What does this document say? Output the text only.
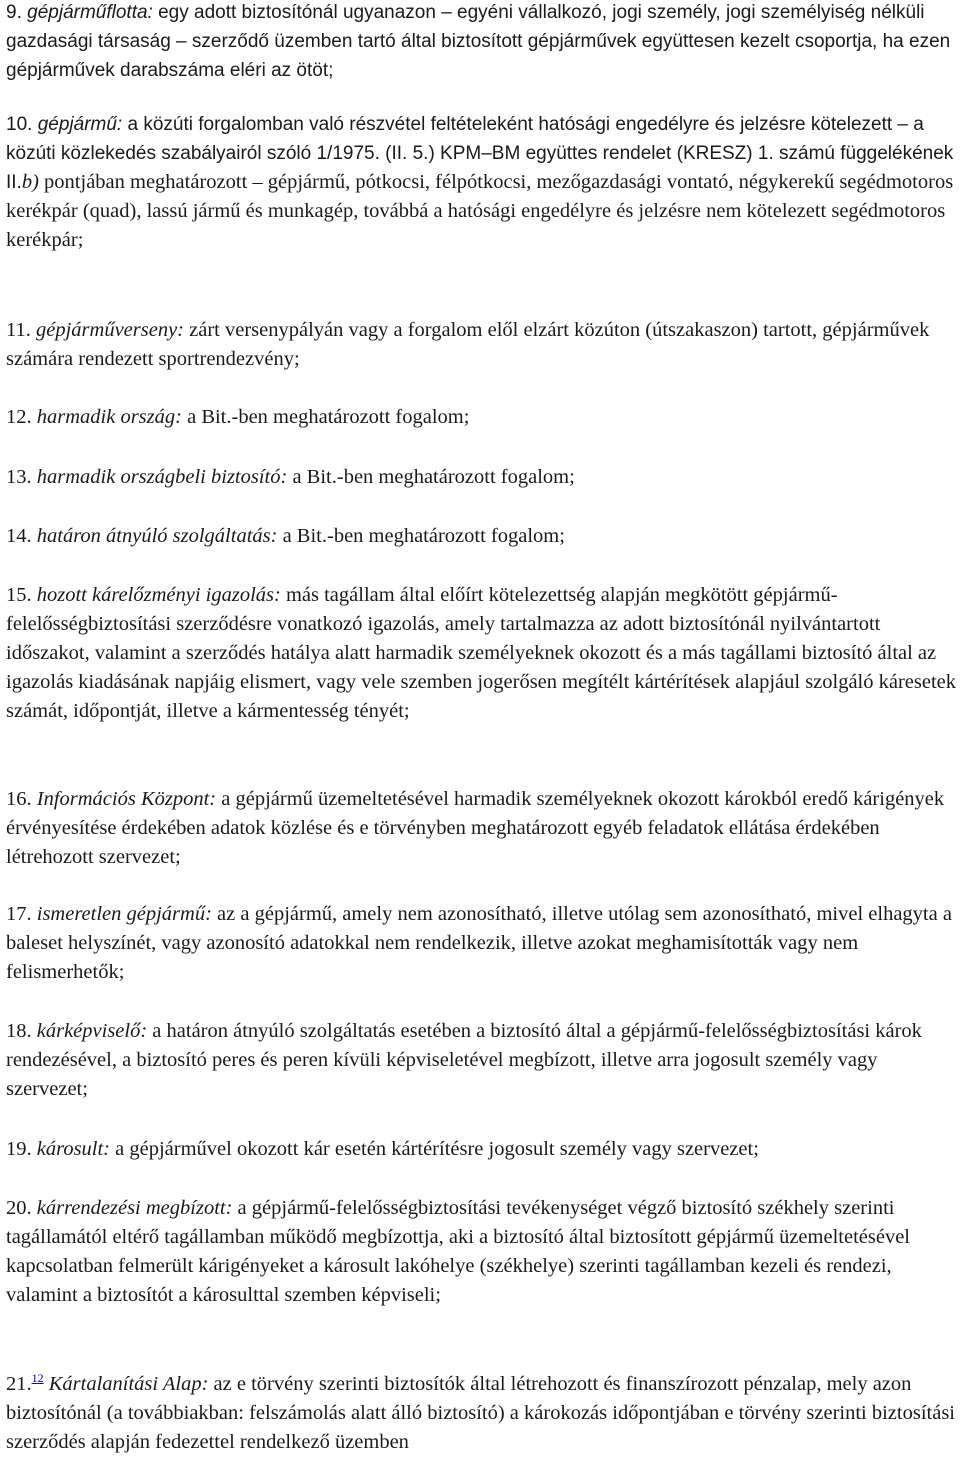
9. gépjárműflotta: egy adott biztosítónál ugyanazon – egyéni vállalkozó, jogi személy, jogi személyiség nélküli gazdasági társaság – szerződő üzemben tartó által biztosított gépjárművek együttesen kezelt csoportja, ha ezen gépjárművek darabszáma eléri az ötöt;

10. gépjármű: a közúti forgalomban való részvétel feltételeként hatósági engedélyre és jelzésre kötelezett – a közúti közlekedés szabályairól szóló 1/1975. (II. 5.) KPM–BM együttes rendelet (KRESZ) 1. számú függelékének II.b) pontjában meghatározott – gépjármű, pótkocsi, félpótkocsi, mezőgazdasági vontató, négykerekű segédmotoros kerékpár (quad), lassú jármű és munkagép, továbbá a hatósági engedélyre és jelzésre nem kötelezett segédmotoros kerékpár;

11. gépjárműverseny: zárt versenypályán vagy a forgalom elől elzárt közúton (útszakaszon) tartott, gépjárművek számára rendezett sportrendezvény;

12. harmadik ország: a Bit.-ben meghatározott fogalom;

13. harmadik országbeli biztosító: a Bit.-ben meghatározott fogalom;

14. határon átnyúló szolgáltatás: a Bit.-ben meghatározott fogalom;

15. hozott kárelőzményi igazolás: más tagállam által előírt kötelezettség alapján megkötött gépjármű-felelősségbiztosítási szerződésre vonatkozó igazolás, amely tartalmazza az adott biztosítónál nyilvántartott időszakot, valamint a szerződés hatálya alatt harmadik személyeknek okozott és a más tagállami biztosító által az igazolás kiadásának napjáig elismert, vagy vele szemben jogerősen megítélt kártérítések alapjául szolgáló káresetek számát, időpontját, illetve a kármentesség tényét;

16. Információs Központ: a gépjármű üzemeltetésével harmadik személyeknek okozott károkból eredő kárigények érvényesítése érdekében adatok közlése és e törvényben meghatározott egyéb feladatok ellátása érdekében létrehozott szervezet;

17. ismeretlen gépjármű: az a gépjármű, amely nem azonosítható, illetve utólag sem azonosítható, mivel elhagyta a baleset helyszínét, vagy azonosító adatokkal nem rendelkezik, illetve azokat meghamisították vagy nem felismerhetők;

18. kárképviselő: a határon átnyúló szolgáltatás esetében a biztosító által a gépjármű-felelősségbiztosítási károk rendezésével, a biztosító peres és peren kívüli képviseletével megbízott, illetve arra jogosult személy vagy szervezet;

19. károsult: a gépjárművel okozott kár esetén kártérítésre jogosult személy vagy szervezet;

20. kárrendezési megbízott: a gépjármű-felelősségbiztosítási tevékenységet végző biztosító székhely szerinti tagállamától eltérő tagállamban működő megbízottja, aki a biztosító által biztosított gépjármű üzemeltetésével kapcsolatban felmerült kárigényeket a károsult lakóhelye (székhelye) szerinti tagállamban kezeli és rendezi, valamint a biztosítót a károsulttal szemben képviseli;

21.12 Kártalanítási Alap: az e törvény szerinti biztosítók által létrehozott és finanszírozott pénzalap, mely azon biztosítónál (a továbbiakban: felszámolás alatt álló biztosító) a károkozás időpontjában e törvény szerinti biztosítási szerződés alapján fedezettel rendelkező üzemben
